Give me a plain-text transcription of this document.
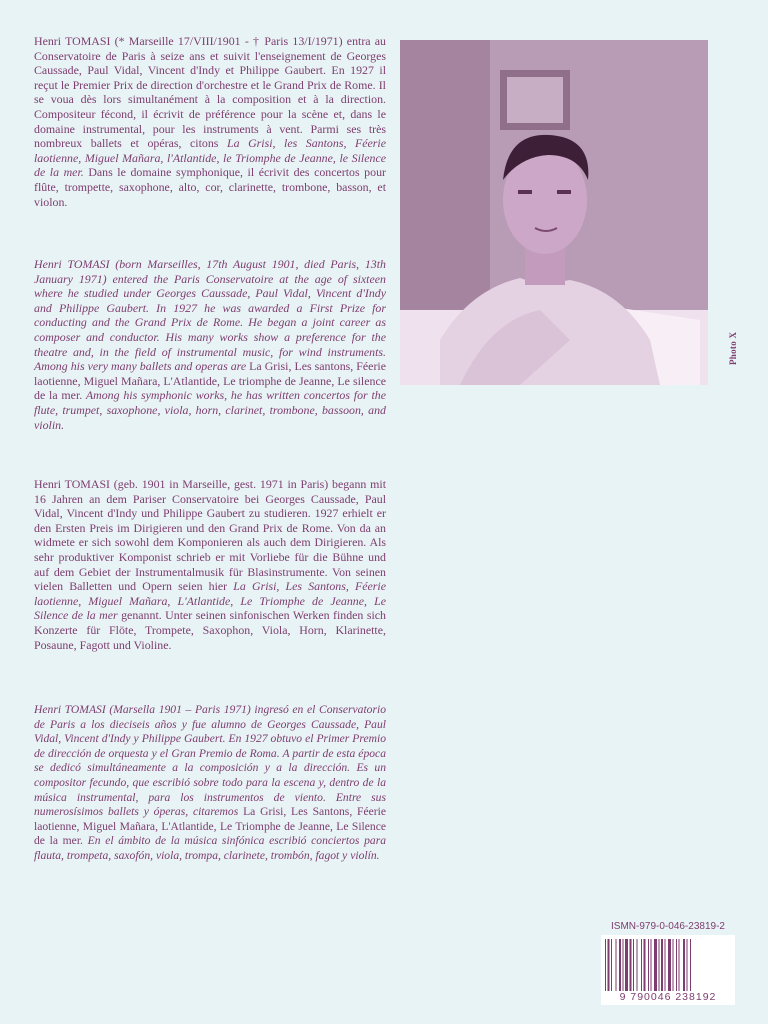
Henri TOMASI (* Marseille 17/VIII/1901 - † Paris 13/I/1971) entra au Conservatoire de Paris à seize ans et suivit l'enseignement de Georges Caussade, Paul Vidal, Vincent d'Indy et Philippe Gaubert. En 1927 il reçut le Premier Prix de direction d'orchestre et le Grand Prix de Rome. Il se voua dès lors simultanément à la composition et à la direction. Compositeur fécond, il écrivit de préférence pour la scène et, dans le domaine instrumental, pour les instruments à vent. Parmi ses très nombreux ballets et opéras, citons La Grisi, les Santons, Féerie laotienne, Miguel Mañara, l'Atlantide, le Triomphe de Jeanne, le Silence de la mer. Dans le domaine symphonique, il écrivit des concertos pour flûte, trompette, saxophone, alto, cor, clarinette, trombone, basson, et violon.

Henri TOMASI (born Marseilles, 17th August 1901, died Paris, 13th January 1971) entered the Paris Conservatoire at the age of sixteen where he studied under Georges Caussade, Paul Vidal, Vincent d'Indy and Philippe Gaubert. In 1927 he was awarded a First Prize for conducting and the Grand Prix de Rome. He began a joint career as composer and conductor. His many works show a preference for the theatre and, in the field of instrumental music, for wind instruments. Among his very many ballets and operas are La Grisi, Les santons, Féerie laotienne, Miguel Mañara, L'Atlantide, Le triomphe de Jeanne, Le silence de la mer. Among his symphonic works, he has written concertos for the flute, trumpet, saxophone, viola, horn, clarinet, trombone, bassoon, and violin.

Henri TOMASI (geb. 1901 in Marseille, gest. 1971 in Paris) begann mit 16 Jahren an dem Pariser Conservatoire bei Georges Caussade, Paul Vidal, Vincent d'Indy und Philippe Gaubert zu studieren. 1927 erhielt er den Ersten Preis im Dirigieren und den Grand Prix de Rome. Von da an widmete er sich sowohl dem Komponieren als auch dem Dirigieren. Als sehr produktiver Komponist schrieb er mit Vorliebe für die Bühne und auf dem Gebiet der Instrumentalmusik für Blasinstrumente. Von seinen vielen Balletten und Opern seien hier La Grisi, Les Santons, Féerie laotienne, Miguel Mañara, L'Atlantide, Le Triomphe de Jeanne, Le Silence de la mer genannt. Unter seinen sinfonischen Werken finden sich Konzerte für Flöte, Trompete, Saxophon, Viola, Horn, Klarinette, Posaune, Fagott und Violine.

Henri TOMASI (Marsella 1901 – Paris 1971) ingresó en el Conservatorio de Paris a los dieciseis años y fue alumno de Georges Caussade, Paul Vidal, Vincent d'Indy y Philippe Gaubert. En 1927 obtuvo el Primer Premio de dirección de orquesta y el Gran Premio de Roma. A partir de esta época se dedicó simultáneamente a la composición y a la dirección. Es un compositor fecundo, que escribió sobre todo para la escena y, dentro de la música instrumental, para los instrumentos de viento. Entre sus numerosísimos ballets y óperas, citaremos La Grisi, Les Santons, Féerie laotienne, Miguel Mañara, L'Atlantide, Le Triomphe de Jeanne, Le Silence de la mer. En el ámbito de la música sinfónica escribió conciertos para flauta, trompeta, saxofón, viola, trompa, clarinete, trombón, fagot y violín.

Photo X
ISMN-979-0-046-23819-2
9 790046 238192
